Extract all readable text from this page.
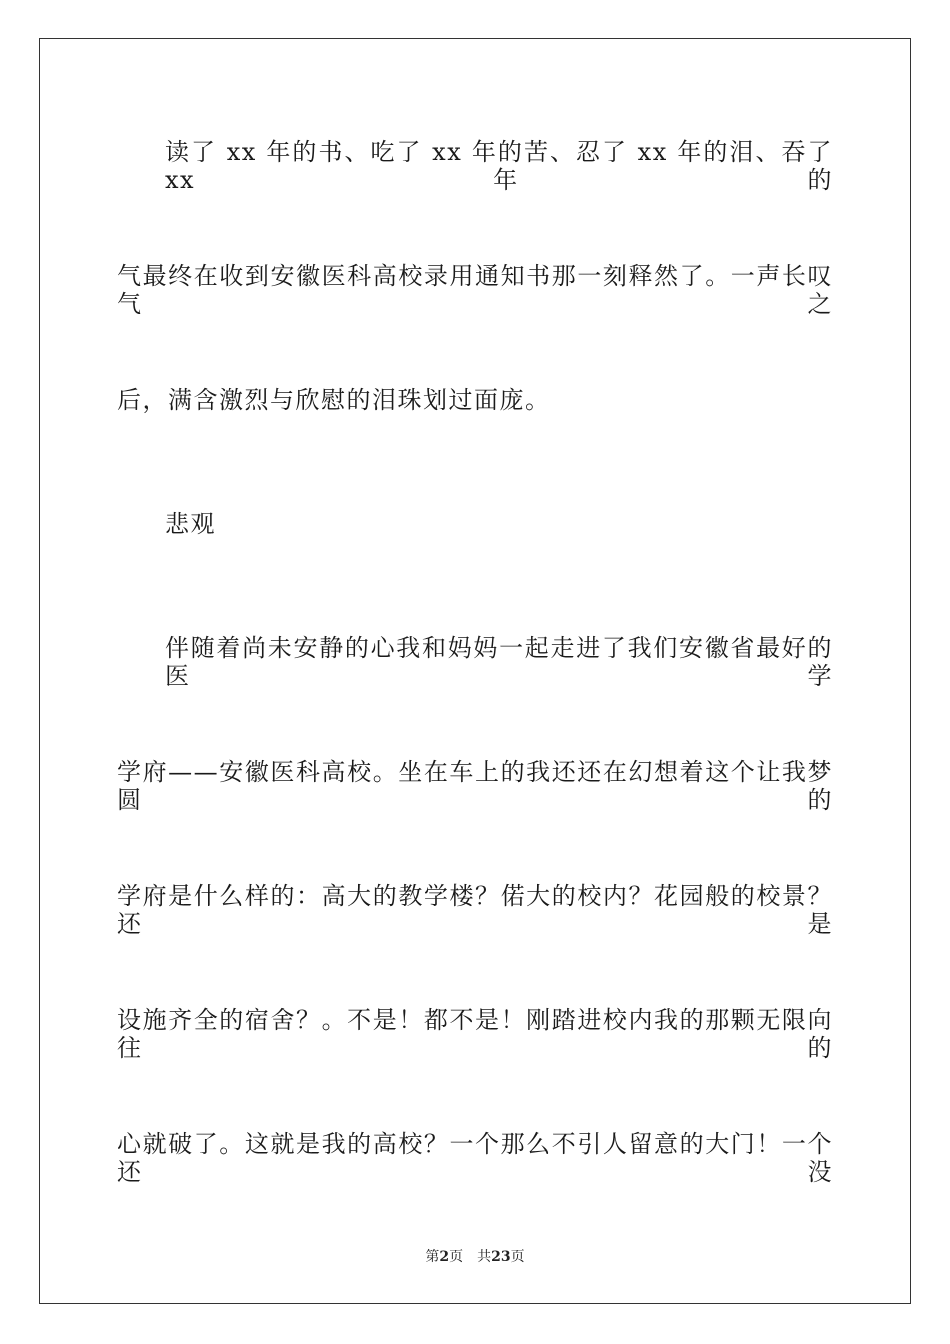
读了 xx 年的书、吃了 xx 年的苦、忍了 xx 年的泪、吞了 xx 年的
气最终在收到安徽医科高校录用通知书那一刻释然了。一声长叹气之
后，满含激烈与欣慰的泪珠划过面庞。
悲观
伴随着尚未安静的心我和妈妈一起走进了我们安徽省最好的医学
学府——安徽医科高校。坐在车上的我还还在幻想着这个让我梦圆的
学府是什么样的：高大的教学楼？偌大的校内？花园般的校景？还是
设施齐全的宿舍？。不是！都不是！刚踏进校内我的那颗无限向往的
心就破了。这就是我的高校？一个那么不引人留意的大门！一个还没
第2页 共23页
